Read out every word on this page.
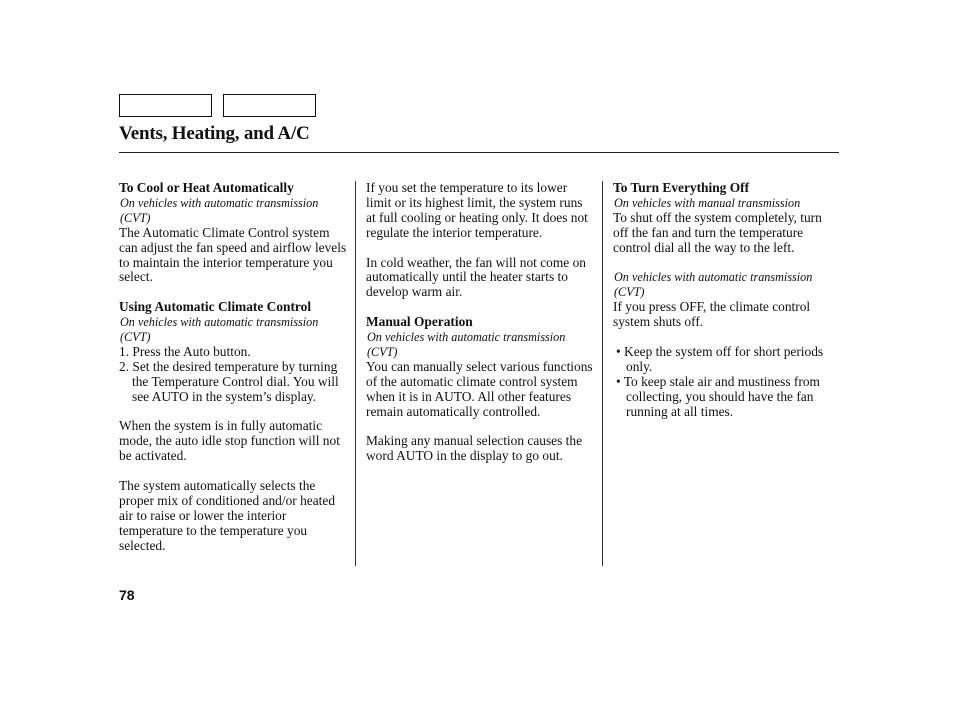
Vents, Heating, and A/C
To Cool or Heat Automatically

On vehicles with automatic transmission (CVT)

The Automatic Climate Control system can adjust the fan speed and airflow levels to maintain the interior temperature you select.

Using Automatic Climate Control

On vehicles with automatic transmission (CVT)

1. Press the Auto button.
2. Set the desired temperature by turning the Temperature Control dial. You will see AUTO in the system’s display.

When the system is in fully automatic mode, the auto idle stop function will not be activated.

The system automatically selects the proper mix of conditioned and/or heated air to raise or lower the interior temperature to the temperature you selected.

If you set the temperature to its lower limit or its highest limit, the system runs at full cooling or heating only. It does not regulate the interior temperature.

In cold weather, the fan will not come on automatically until the heater starts to develop warm air.

Manual Operation

On vehicles with automatic transmission (CVT)

You can manually select various functions of the automatic climate control system when it is in AUTO. All other features remain automatically controlled.

Making any manual selection causes the word AUTO in the display to go out.

To Turn Everything Off

On vehicles with manual transmission

To shut off the system completely, turn off the fan and turn the temperature control dial all the way to the left.

On vehicles with automatic transmission (CVT)

If you press OFF, the climate control system shuts off.

• Keep the system off for short periods only.
• To keep stale air and mustiness from collecting, you should have the fan running at all times.

78
